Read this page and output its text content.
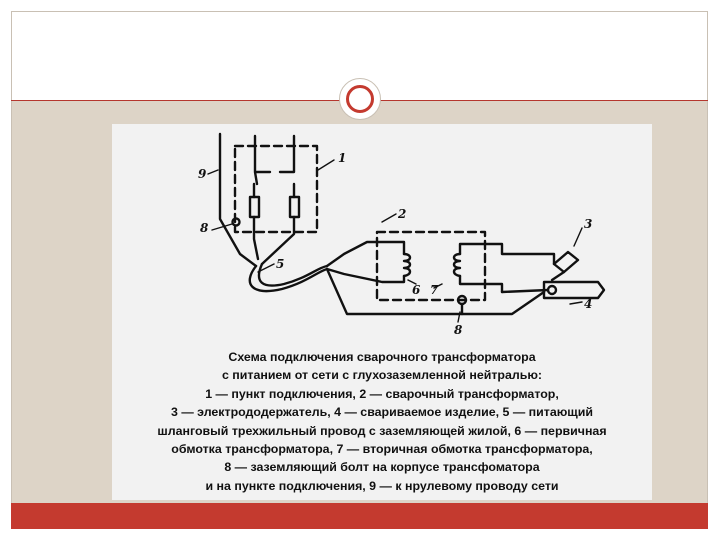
1
2
3
4
5
6 7
8
8
9
Схема подключения сварочного трансформатора
с питанием от сети с глухозаземленной нейтралью:
1 — пункт подключения, 2 — сварочный трансформатор,
3 — электрододержатель, 4 — свариваемое изделие, 5 — питающий
шланговый трехжильный провод с заземляющей жилой, 6 — первичная
обмотка трансформатора, 7 — вторичная обмотка трансформатора,
8 — заземляющий болт на корпусе трансфоматора
и на пункте подключения, 9 — к нрулевому проводу сети
